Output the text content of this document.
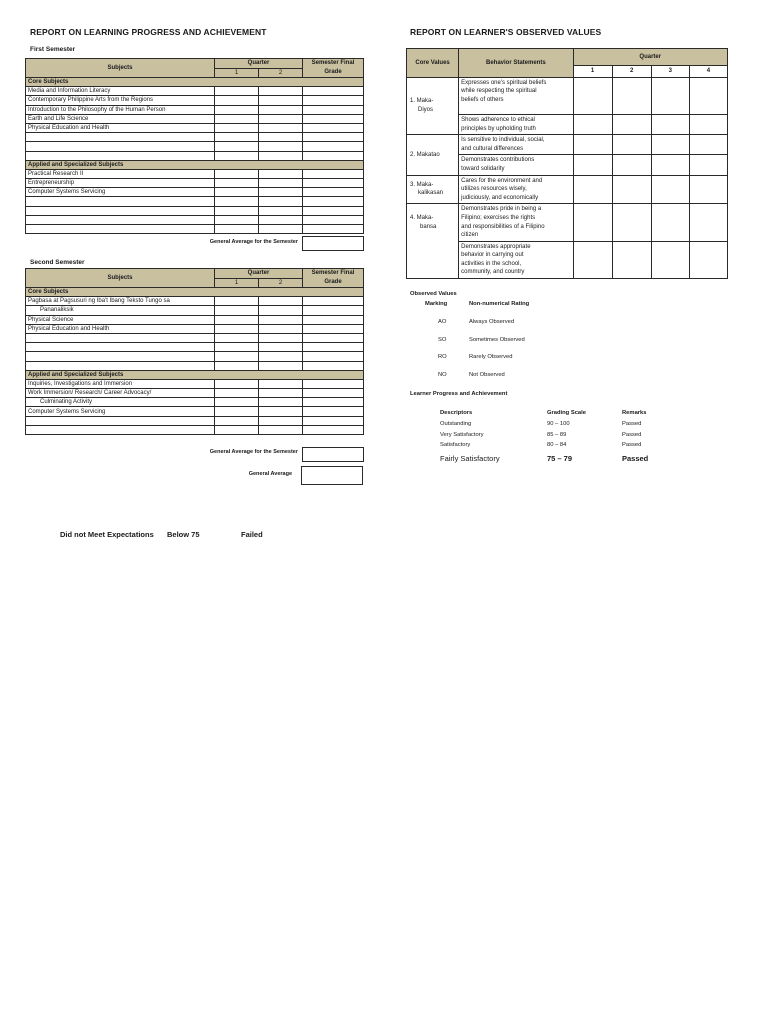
REPORT ON LEARNING PROGRESS AND ACHIEVEMENT
First Semester
Subjects	Quarter		Semester Final
Grade
	1	2	
Core Subjects			
Media and Information Literacy			
Contemporary Philippine Arts from the Regions			
Introduction to the Philosophy of the Human Person			
Earth and Life Science			
Physical Education and Health			

Applied and Specialized Subjects			
Practical Research II			
Entrepreneurship			
Computer Systems Servicing			

General Average for the Semester
Second Semester
Subjects	Quarter		Semester Final
Grade
	1	2	
Core Subjects			
Pagbasa at Pagsusuri ng Iba't Ibang Teksto Tungo sa			
Pananaliksik			
Physical Science			
Physical Education and Health			

Applied and Specialized Subjects			
Inquiries, Investigations and Immersion			
Work Immersion/ Research/ Career Advocacy/			
Culminating Activity			
Computer Systems Servicing			

General Average for the Semester
General Average
Did not Meet Expectations Below 75	Failed
REPORT ON LEARNER'S OBSERVED VALUES
Core Values	Behavior Statements	Quarter			
		1	2	3	4
1. Maka-
Diyos	Expresses one's spiritual beliefs
while respecting the spiritual
beliefs of others

	Shows adherence to ethical
principles by upholding truth				
2. Makatao	Is sensitive to individual, social,
and cultural differences				
	Demonstrates contributions
toward solidarity				
3. Maka-
kalikasan	Cares for the environment and
utilizes resources wisely,
judiciously, and economically				
4. Maka-
bansa	Demonstrates pride in being a
Filipino; exercises the rights
and responsibilities of a Filipino
citizen				
	Demonstrates appropriate
behavior in carrying out
activities in the school,
community, and country				
Observed Values
Marking	Non-numerical Rating
AO	Always Observed
SO	Sometimes Observed
RO	Rarely Observed
NO	Not Observed
Learner Progress and Achievement
Descriptors	Grading Scale	Remarks
Outstanding	90 – 100	Passed
Very Satisfactory	85 – 89	Passed
Satisfactory	80 – 84	Passed
Fairly Satisfactory	75 – 79	Passed
